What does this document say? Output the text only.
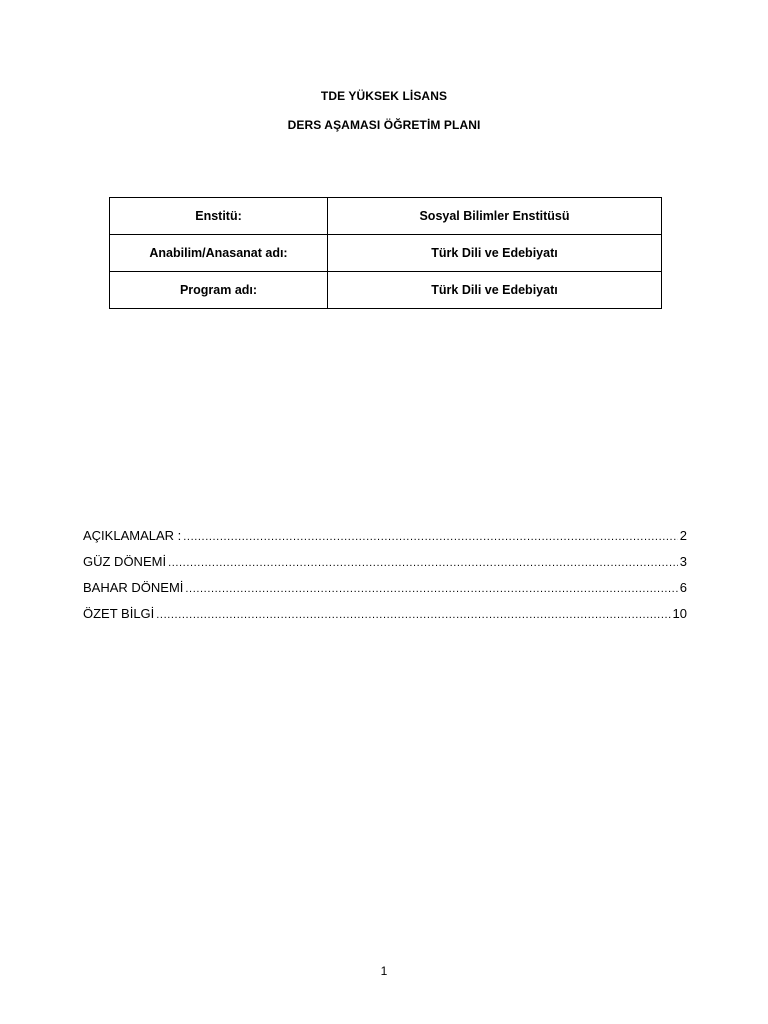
TDE YÜKSEK LİSANS
DERS AŞAMASI ÖĞRETİM PLANI
Enstitü:	Sosyal Bilimler Enstitüsü
Anabilim/Anasanat adı:	Türk Dili ve Edebiyatı
Program adı:	Türk Dili ve Edebiyatı
AÇIKLAMALAR : .....	2
GÜZ DÖNEMİ .....	3
BAHAR DÖNEMİ .....	6
ÖZET BİLGİ .....	10
1
